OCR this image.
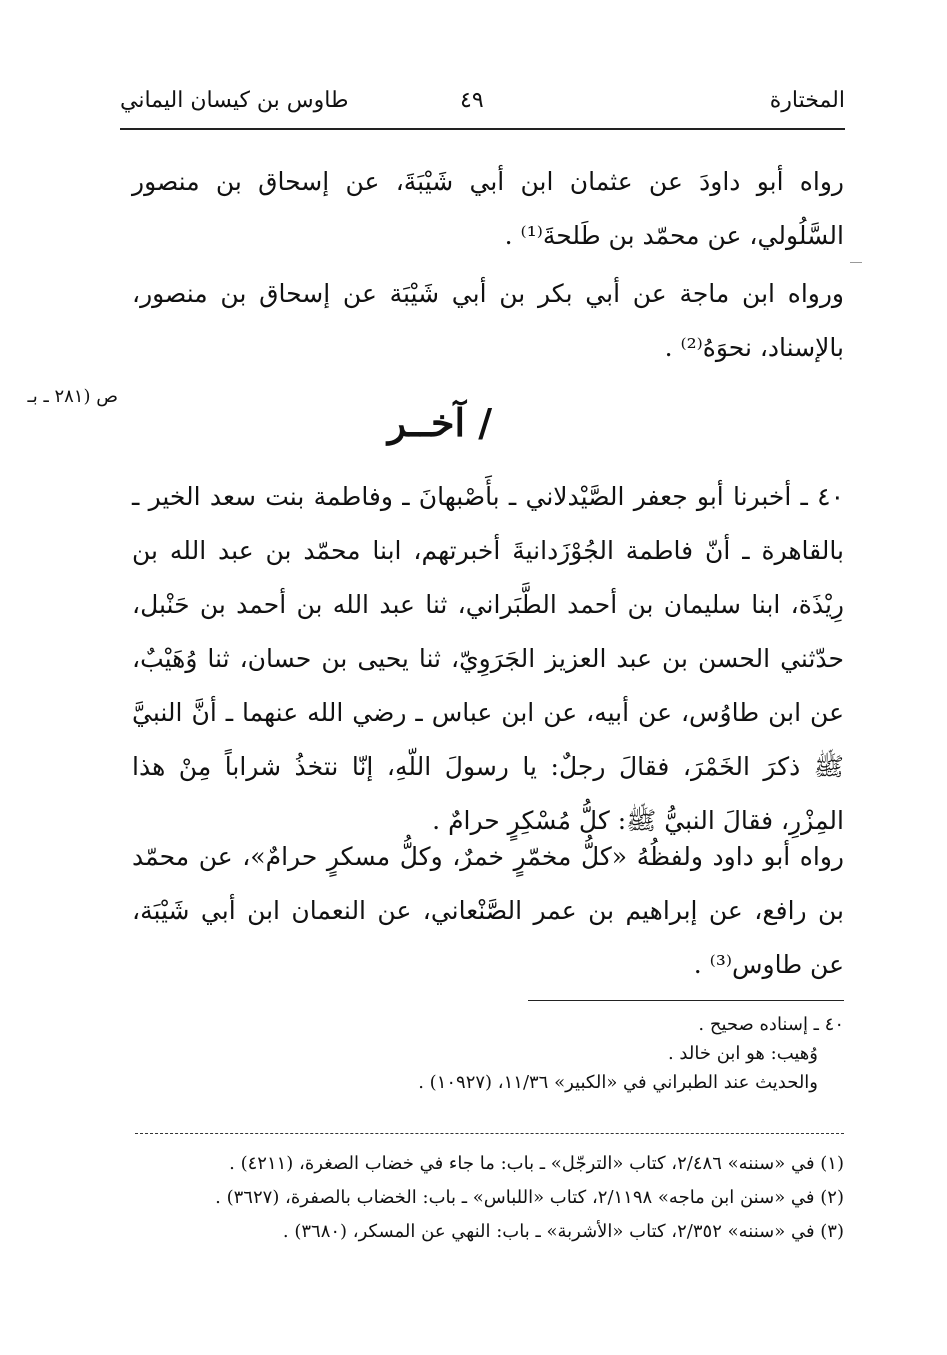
المختارة
٤٩
طاوس بن كيسان اليماني
رواه أبو داودَ عن عثمان ابن أبي شَيْبَةَ، عن إسحاق بن منصور السَّلُولي، عن محمّد بن طَلحةَ⁽¹⁾ .
ورواه ابن ماجة عن أبي بكر بن أبي شَيْبَة عن إسحاق بن منصور، بالإسناد، نحوَهُ⁽²⁾ .
ص (٢٨١ ـ بـ
/ آخــر
٤٠ ـ أخبرنا أبو جعفر الصَّيْدلاني ـ بأَصْبهانَ ـ وفاطمة بنت سعد الخير ـ بالقاهرة ـ أنّ فاطمة الجُوْزَدانيةَ أخبرتهم، ابنا محمّد بن عبد الله بن رِيْذَة، ابنا سليمان بن أحمد الطَّبَراني، ثنا عبد الله بن أحمد بن حَنْبل، حدّثني الحسن بن عبد العزيز الجَرَوِيّ، ثنا يحيى بن حسان، ثنا وُهَيْبٌ، عن ابن طاوُس، عن أبيه، عن ابن عباس ـ رضي الله عنهما ـ أنَّ النبيَّ ﷺ ذكرَ الخَمْرَ، فقالَ رجلٌ: يا رسولَ اللّهِ، إنّا نتخذُ شراباً مِنْ هذا المِزْرِ، فقالَ النبيُّ ﷺ: كلُّ مُسْكِرٍ حرامٌ .
رواه أبو داود ولفظُهُ «كلُّ مخمّرٍ خمرٌ، وكلُّ مسكرٍ حرامٌ»، عن محمّد بن رافع، عن إبراهيم بن عمر الصَّنْعاني، عن النعمان ابن أبي شَيْبَة، عن طاوس⁽³⁾ .
٤٠ ـ إسناده صحيح .
وُهيب: هو ابن خالد .
والحديث عند الطبراني في «الكبير» ١١/٣٦، (١٠٩٢٧) .
(١) في «سننه» ٢/٤٨٦، كتاب «الترجّل» ـ باب: ما جاء في خضاب الصغرة، (٤٢١١) .
(٢) في «سنن ابن ماجه» ٢/١١٩٨، كتاب «اللباس» ـ باب: الخضاب بالصفرة، (٣٦٢٧) .
(٣) في «سننه» ٢/٣٥٢، كتاب «الأشربة» ـ باب: النهي عن المسكر، (٣٦٨٠) .
